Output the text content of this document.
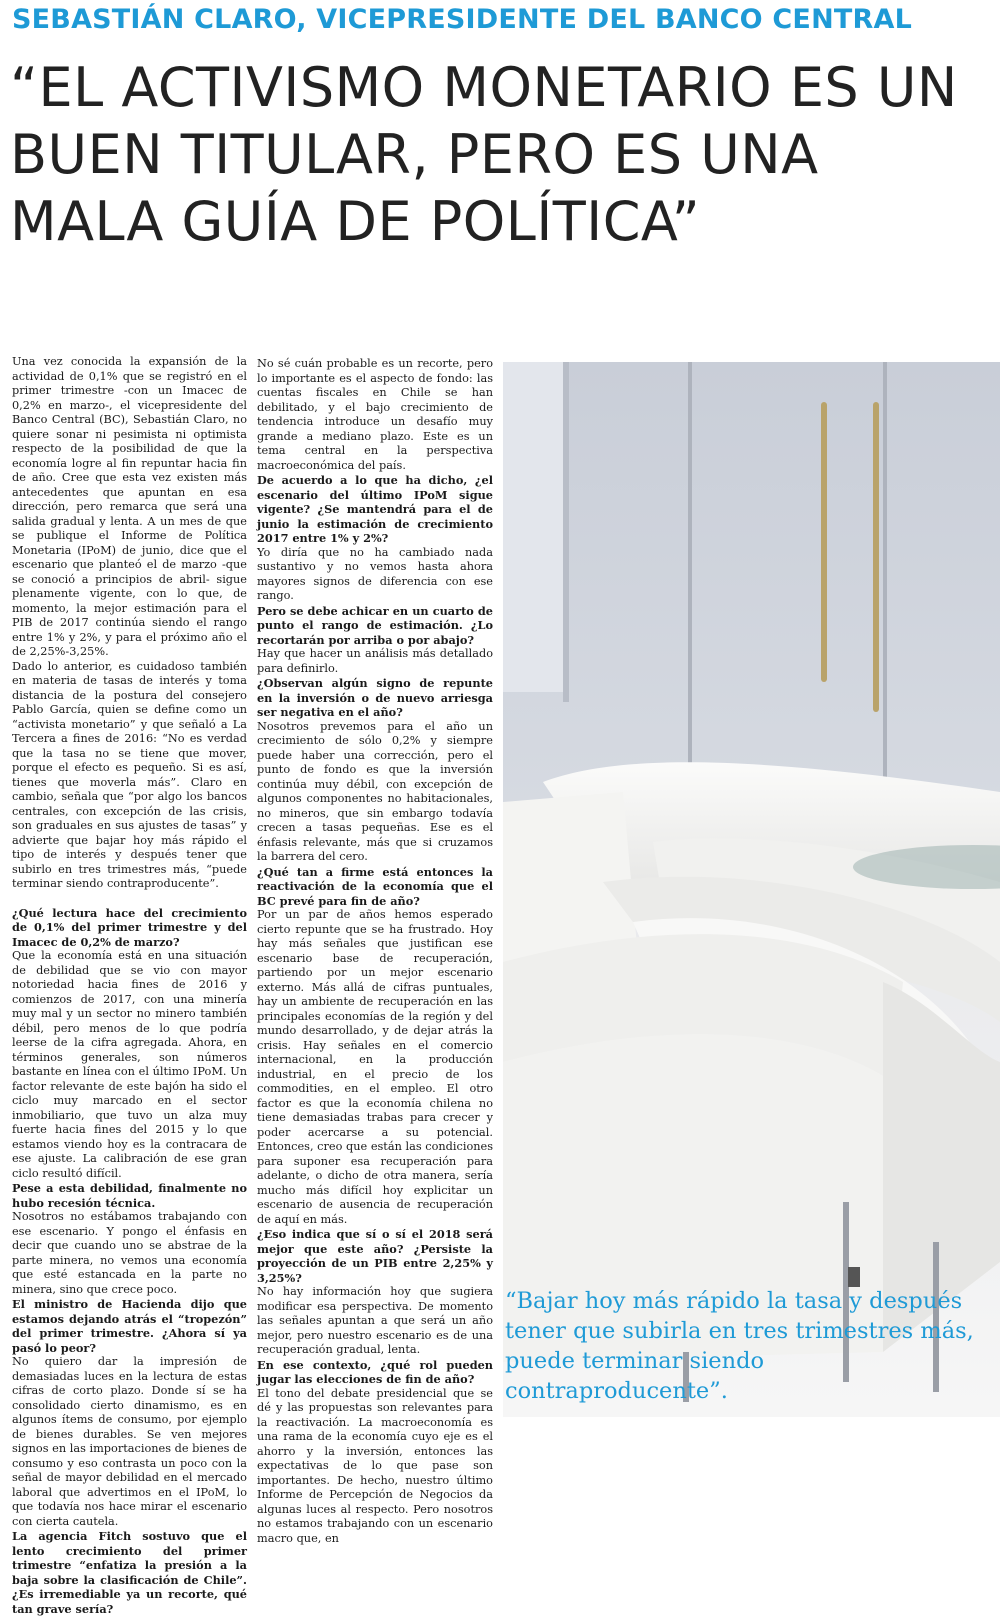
SEBASTIÁN CLARO, VICEPRESIDENTE DEL BANCO CENTRAL
“EL ACTIVISMO MONETARIO ES UN
BUEN TITULAR, PERO ES UNA
MALA GUÍA DE POLÍTICA”

Una vez conocida la expansión de la actividad de 0,1% que se registró en el primer trimestre -con un Imacec de 0,2% en marzo-, el vicepresidente del Banco Central (BC), Sebastián Claro, no quiere sonar ni pesimista ni optimista respecto de la posibilidad de que la economía logre al fin repuntar hacia fin de año. Cree que esta vez existen más antecedentes que apuntan en esa dirección, pero remarca que será una salida gradual y lenta. A un mes de que se publique el Informe de Política Monetaria (IPoM) de junio, dice que el escenario que planteó el de marzo -que se conoció a principios de abril- sigue plenamente vigente, con lo que, de momento, la mejor estimación para el PIB de 2017 continúa siendo el rango entre 1% y 2%, y para el próximo año el de 2,25%-3,25%.

Dado lo anterior, es cuidadoso también en materia de tasas de interés y toma distancia de la postura del consejero Pablo García, quien se define como un “activista monetario” y que señaló a La Tercera a fines de 2016: “No es verdad que la tasa no se tiene que mover, porque el efecto es pequeño. Si es así, tienes que moverla más”. Claro en cambio, señala que “por algo los bancos centrales, con excepción de las crisis, son graduales en sus ajustes de tasas” y advierte que bajar hoy más rápido el tipo de interés y después tener que subirlo en tres trimestres más, “puede terminar siendo contraproducente”.

¿Qué lectura hace del crecimiento de 0,1% del primer trimestre y del Imacec de 0,2% de marzo?

Que la economía está en una situación de debilidad que se vio con mayor notoriedad hacia fines de 2016 y comienzos de 2017, con una minería muy mal y un sector no minero también débil, pero menos de lo que podría leerse de la cifra agregada. Ahora, en términos generales, son números bastante en línea con el último IPoM. Un factor relevante de este bajón ha sido el ciclo muy marcado en el sector inmobiliario, que tuvo un alza muy fuerte hacia fines del 2015 y lo que estamos viendo hoy es la contracara de ese ajuste. La calibración de ese gran ciclo resultó difícil.

Pese a esta debilidad, finalmente no hubo recesión técnica.

Nosotros no estábamos trabajando con ese escenario. Y pongo el énfasis en decir que cuando uno se abstrae de la parte minera, no vemos una economía que esté estancada en la parte no minera, sino que crece poco.

El ministro de Hacienda dijo que estamos dejando atrás el “tropezón” del primer trimestre. ¿Ahora sí ya pasó lo peor?

No quiero dar la impresión de demasiadas luces en la lectura de estas cifras de corto plazo. Donde sí se ha consolidado cierto dinamismo, es en algunos ítems de consumo, por ejemplo de bienes durables. Se ven mejores signos en las importaciones de bienes de consumo y eso contrasta un poco con la señal de mayor debilidad en el mercado laboral que advertimos en el IPoM, lo que todavía nos hace mirar el escenario con cierta cautela.

La agencia Fitch sostuvo que el lento crecimiento del primer trimestre “enfatiza la presión a la baja sobre la clasificación de Chile”. ¿Es irremediable ya un recorte, qué tan grave sería?

No sé cuán probable es un recorte, pero lo importante es el aspecto de fondo: las cuentas fiscales en Chile se han debilitado, y el bajo crecimiento de tendencia introduce un desafío muy grande a mediano plazo. Este es un tema central en la perspectiva macroeconómica del país.

De acuerdo a lo que ha dicho, ¿el escenario del último IPoM sigue vigente? ¿Se mantendrá para el de junio la estimación de crecimiento 2017 entre 1% y 2%?

Yo diría que no ha cambiado nada sustantivo y no vemos hasta ahora mayores signos de diferencia con ese rango.

Pero se debe achicar en un cuarto de punto el rango de estimación. ¿Lo recortarán por arriba o por abajo?

Hay que hacer un análisis más detallado para definirlo.

¿Observan algún signo de repunte en la inversión o de nuevo arriesga ser negativa en el año?

Nosotros prevemos para el año un crecimiento de sólo 0,2% y siempre puede haber una corrección, pero el punto de fondo es que la inversión continúa muy débil, con excepción de algunos componentes no habitacionales, no mineros, que sin embargo todavía crecen a tasas pequeñas. Ese es el énfasis relevante, más que si cruzamos la barrera del cero.

¿Qué tan a firme está entonces la reactivación de la economía que el BC prevé para fin de año?

Por un par de años hemos esperado cierto repunte que se ha frustrado. Hoy hay más señales que justifican ese escenario base de recuperación, partiendo por un mejor escenario externo. Más allá de cifras puntuales, hay un ambiente de recuperación en las principales economías de la región y del mundo desarrollado, y de dejar atrás la crisis. Hay señales en el comercio internacional, en la producción industrial, en el precio de los commodities, en el empleo. El otro factor es que la economía chilena no tiene demasiadas trabas para crecer y poder acercarse a su potencial. Entonces, creo que están las condiciones para suponer esa recuperación para adelante, o dicho de otra manera, sería mucho más difícil hoy explicitar un escenario de ausencia de recuperación de aquí en más.

¿Eso indica que sí o sí el 2018 será mejor que este año? ¿Persiste la proyección de un PIB entre 2,25% y 3,25%?

No hay información hoy que sugiera modificar esa perspectiva. De momento las señales apuntan a que será un año mejor, pero nuestro escenario es de una recuperación gradual, lenta.

En ese contexto, ¿qué rol pueden jugar las elecciones de fin de año?

El tono del debate presidencial que se dé y las propuestas son relevantes para la reactivación. La macroeconomía es una rama de la economía cuyo eje es el ahorro y la inversión, entonces las expectativas de lo que pase son importantes. De hecho, nuestro último Informe de Percepción de Negocios da algunas luces al respecto. Pero nosotros no estamos trabajando con un escenario macro que, en

“Bajar hoy más rápido la tasa y después tener que subirla en tres trimestres más, puede terminar siendo contraproducente”.
